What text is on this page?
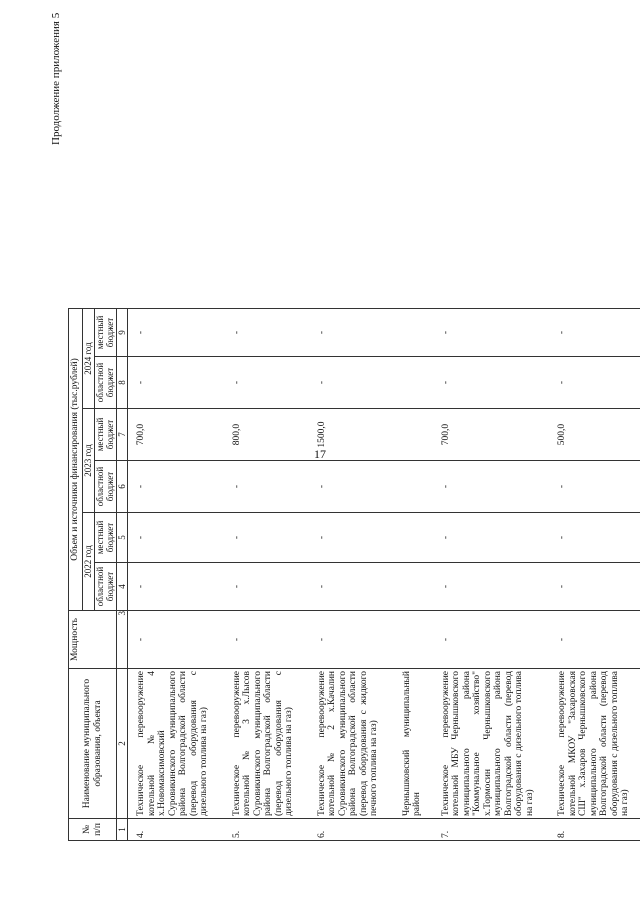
17
Продолжение приложения 5
№ п/п	Наименование муниципального образования, объекта	Мощность	Объем и источники финансирования (тыс.рублей)					
			2022 год		2023 год		2024 год	
			областной бюджет	местный бюджет	областной бюджет	местный бюджет	областной бюджет	местный бюджет
1	2	3	4	5	6	7	8	9
4.	Техническое перевооружение котельной № 4 х.Новомаксимовский Суровикинского муниципального района Волгоградской области (перевод оборудования с дизельного топлива на газ)	-	-	-	-	700,0	-	-
5.	Техническое перевооружение котельной № 3 х.Лысов Суровикинского муниципального района Волгоградской области (перевод оборудования с дизельного топлива на газ)	-	-	-	-	800,0	-	-
6.	Техническое перевооружение котельной № 2 х.Качалин Суровикинского муниципального района Волгоградской области (перевод оборудования с жидкого печного топлива на газ)	-	-	-	-	1500,0	-	-
	Чернышковский муниципальный район							
7.	Техническое перевооружение котельной МБУ Чернышковского муниципального района "Коммунальное хозяйство" х.Тормосин Чернышковского муниципального района Волгоградской области (перевод оборудования с дизельного топлива на газ)	-	-	-	-	700,0	-	-
8.	Техническое перевооружение котельной МКОУ "Захаровская СШ" х.Захаров Чернышковского муниципального района Волгоградской области (перевод оборудования с дизельного топлива на газ)	-	-	-	-	500,0	-	-
